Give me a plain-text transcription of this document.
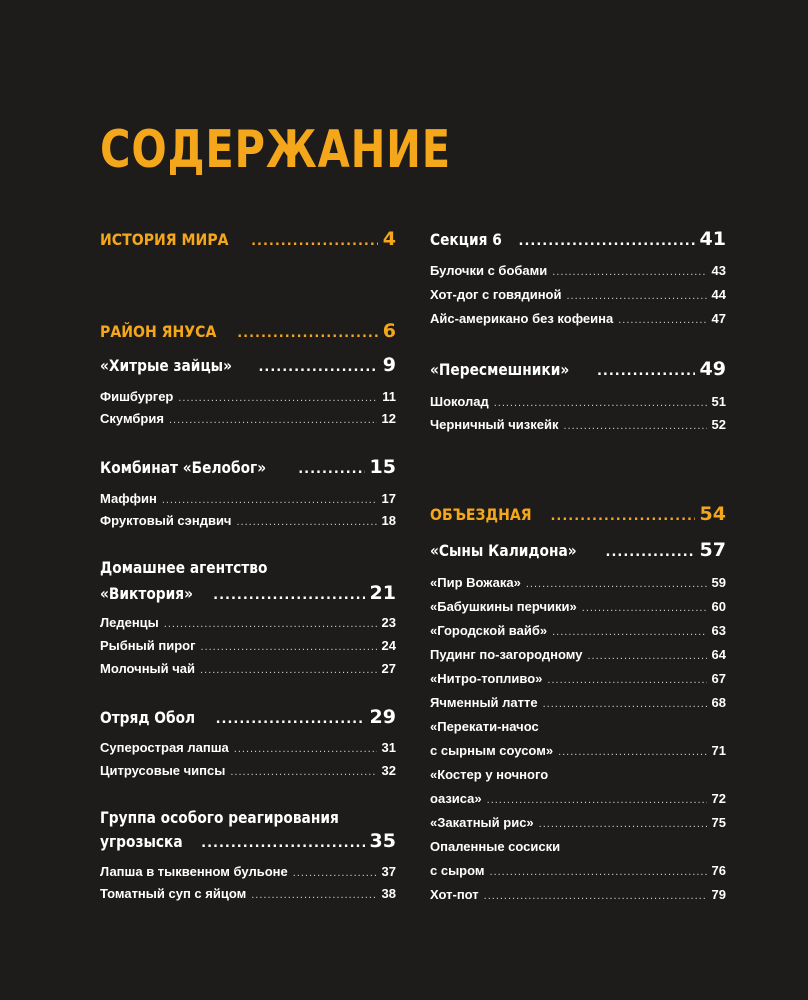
СОДЕРЖАНИЕ
ИСТОРИЯ МИРА .....	4
РАЙОН ЯНУСА .....	6
«Хитрые зайцы» .....	9
Фишбургер .....	11
Скумбрия .....	12
Комбинат «Белобог» .....	15
Маффин .....	17
Фруктовый сэндвич .....	18
Домашнее агентство
«Виктория» .....	21
Леденцы .....	23
Рыбный пирог .....	24
Молочный чай .....	27
Отряд Обол .....	29
Суперострая лапша .....	31
Цитрусовые чипсы .....	32
Группа особого реагирования
угрозыска .....	35
Лапша в тыквенном бульоне .....	37
Томатный суп с яйцом .....	38
Секция 6 .....	41
Булочки с бобами .....	43
Хот-дог с говядиной .....	44
Айс-американо без кофеина .....	47
«Пересмешники» .....	49
Шоколад .....	51
Черничный чизкейк .....	52
ОБЪЕЗДНАЯ .....	54
«Сыны Калидона» .....	57
«Пир Вожака» .....	59
«Бабушкины перчики» .....	60
«Городской вайб» .....	63
Пудинг по-загородному .....	64
«Нитро-топливо» .....	67
Ячменный латте .....	68
«Перекати-начос
с сырным соусом» .....	71
«Костер у ночного
оазиса» .....	72
«Закатный рис» .....	75
Опаленные сосиски
с сыром .....	76
Хот-пот .....	79
